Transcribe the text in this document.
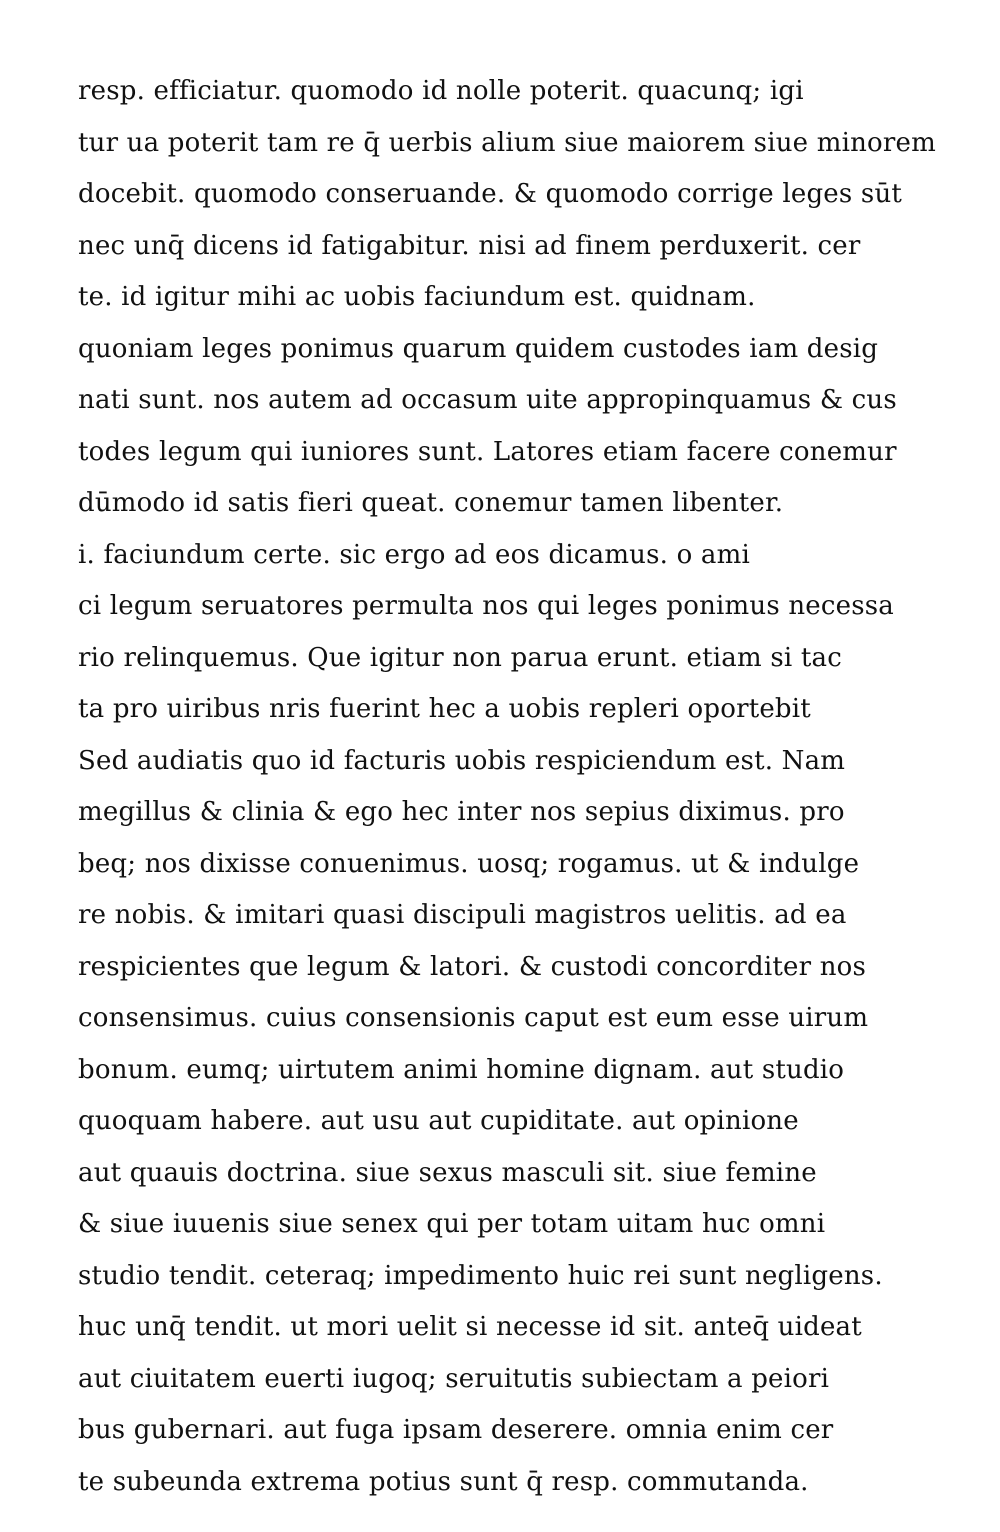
resp. efficiatur. quomodo id nolle poterit. quacunq; igi
tur ua poterit tam re q̄ uerbis alium siue maiorem siue minorem
docebit. quomodo conseruande. & quomodo corrige leges sūt
nec unq̄ dicens id fatigabitur. nisi ad finem perduxerit. cer
te. id igitur mihi ac uobis faciundum est. quidnam.
quoniam leges ponimus quarum quidem custodes iam desig
nati sunt. nos autem ad occasum uite appropinquamus & cus
todes legum qui iuniores sunt. Latores etiam facere conemur
dūmodo id satis fieri queat. conemur tamen libenter.
i. faciundum certe. sic ergo ad eos dicamus. o ami
ci legum seruatores permulta nos qui leges ponimus necessa
rio relinquemus. Que igitur non parua erunt. etiam si tac
ta pro uiribus nris fuerint hec a uobis repleri oportebit
Sed audiatis quo id facturis uobis respiciendum est. Nam
megillus & clinia & ego hec inter nos sepius diximus. pro
beq; nos dixisse conuenimus. uosq; rogamus. ut & indulge
re nobis. & imitari quasi discipuli magistros uelitis. ad ea
respicientes que legum & latori. & custodi concorditer nos
consensimus. cuius consensionis caput est eum esse uirum
bonum. eumq; uirtutem animi homine dignam. aut studio
quoquam habere. aut usu aut cupiditate. aut opinione
aut quauis doctrina. siue sexus masculi sit. siue femine
& siue iuuenis siue senex qui per totam uitam huc omni
studio tendit. ceteraq; impedimento huic rei sunt negligens.
huc unq̄ tendit. ut mori uelit si necesse id sit. anteq̄ uideat
aut ciuitatem euerti iugoq; seruitutis subiectam a peiori
bus gubernari. aut fuga ipsam deserere. omnia enim cer
te subeunda extrema potius sunt q̄ resp. commutanda.
